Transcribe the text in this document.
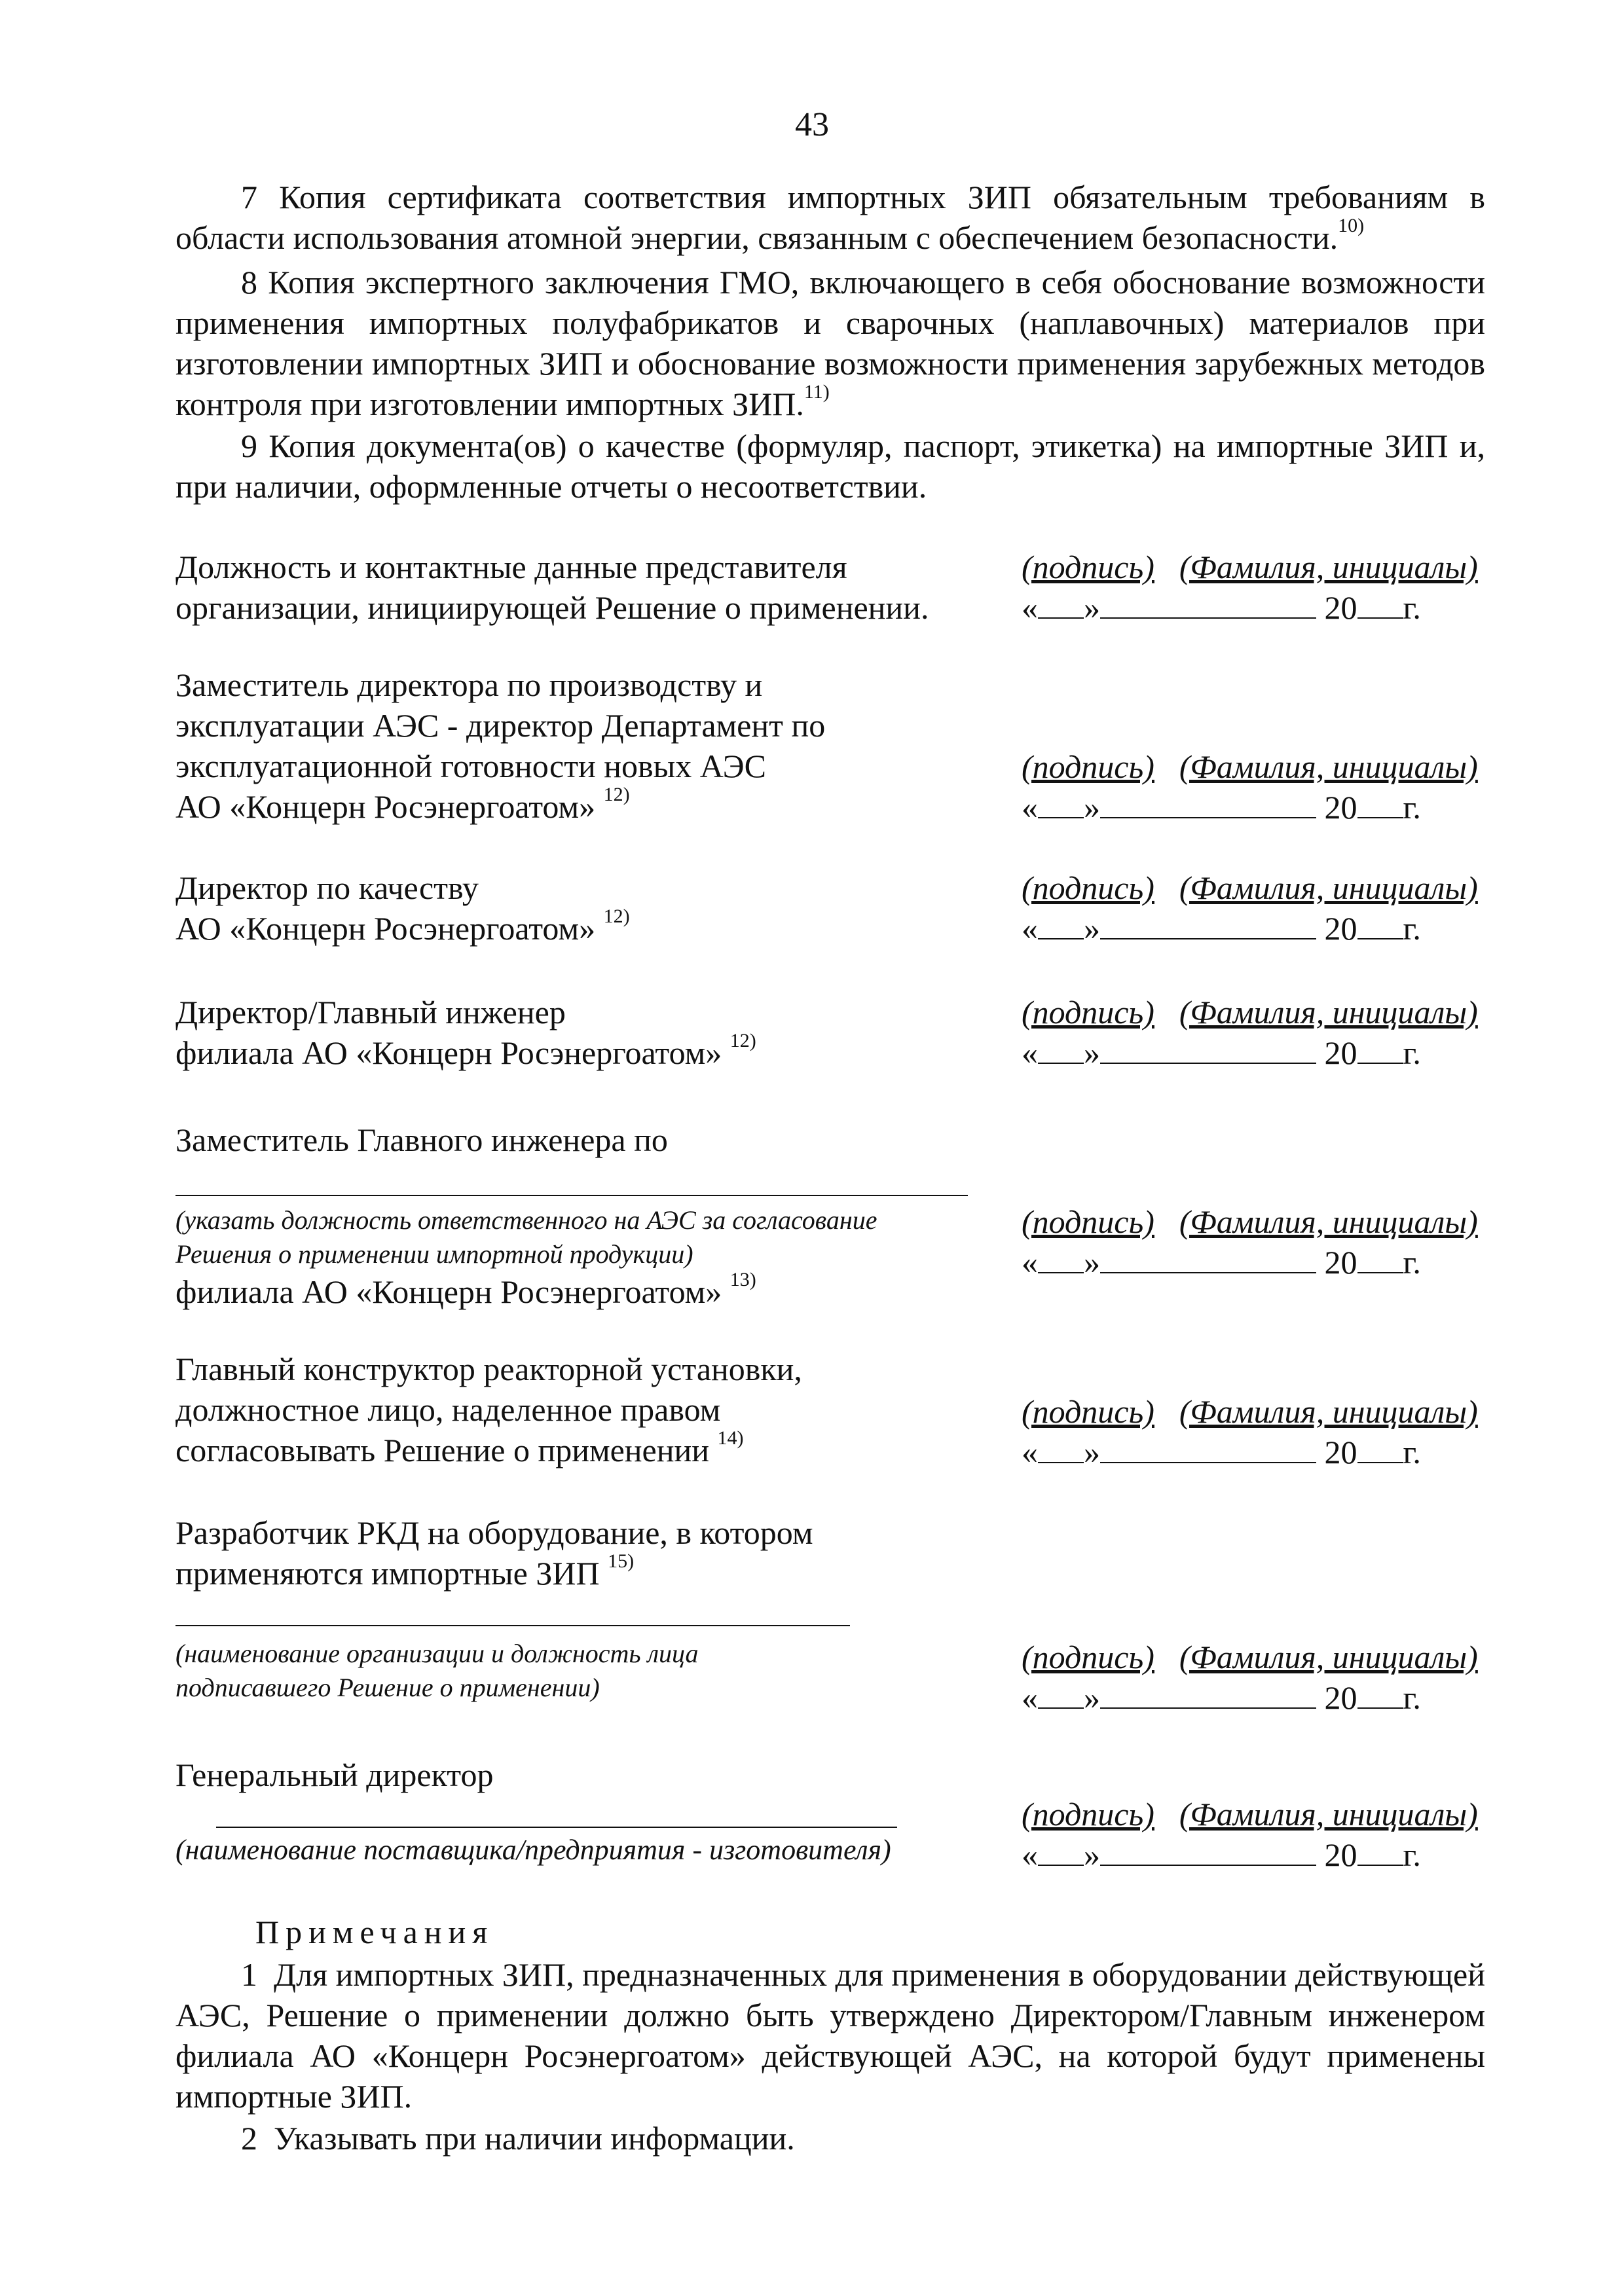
43
7 Копия сертификата соответствия импортных ЗИП обязательным требованиям в области использования атомной энергии, связанным с обеспечением безопасности.$^{10)}$
8 Копия экспертного заключения ГМО, включающего в себя обоснование возможности применения импортных полуфабрикатов и сварочных (наплавочных) материалов при изготовлении импортных ЗИП и обоснование возможности применения зарубежных методов контроля при изготовлении импортных ЗИП.$^{11)}$
9 Копия документа(ов) о качестве (формуляр, паспорт, этикетка) на импортные ЗИП и, при наличии, оформленные отчеты о несоответствии.
Должность и контактные данные представителя
организации, инициирующей Решение о применении.
(подпись) (Фамилия, инициалы)
« »	20 г.
Заместитель директора по производству и
эксплуатации АЭС - директор Департамент по
эксплуатационной готовности новых АЭС
АО «Концерн Росэнергоатом» $^{12)}$
(подпись) (Фамилия, инициалы)
« »	20 г.
Директор по качеству
АО «Концерн Росэнергоатом» $^{12)}$
(подпись) (Фамилия, инициалы)
« »	20 г.
Директор/Главный инженер
филиала АО «Концерн Росэнергоатом» $^{12)}$
(подпись) (Фамилия, инициалы)
« »	20 г.
Заместитель Главного инженера по
(указать должность ответственного на АЭС за согласование
Решения о применении импортной продукции)
филиала АО «Концерн Росэнергоатом» $^{13)}$
(подпись) (Фамилия, инициалы)
« »	20 г.
Главный конструктор реакторной установки,
должностное лицо, наделенное правом
согласовывать Решение о применении $^{14)}$
(подпись) (Фамилия, инициалы)
« »	20 г.
Разработчик РКД на оборудование, в котором
применяются импортные ЗИП $^{15)}$
(наименование организации и должность лица
подписавшего Решение о применении)
(подпись) (Фамилия, инициалы)
« »	20 г.
Генеральный директор
(наименование поставщика/предприятия - изготовителя)
(подпись) (Фамилия, инициалы)
« »	20 г.
Примечания
1 Для импортных ЗИП, предназначенных для применения в оборудовании действующей АЭС, Решение о применении должно быть утверждено Директором/Главным инженером филиала АО «Концерн Росэнергоатом» действующей АЭС, на которой будут применены импортные ЗИП.
2 Указывать при наличии информации.
